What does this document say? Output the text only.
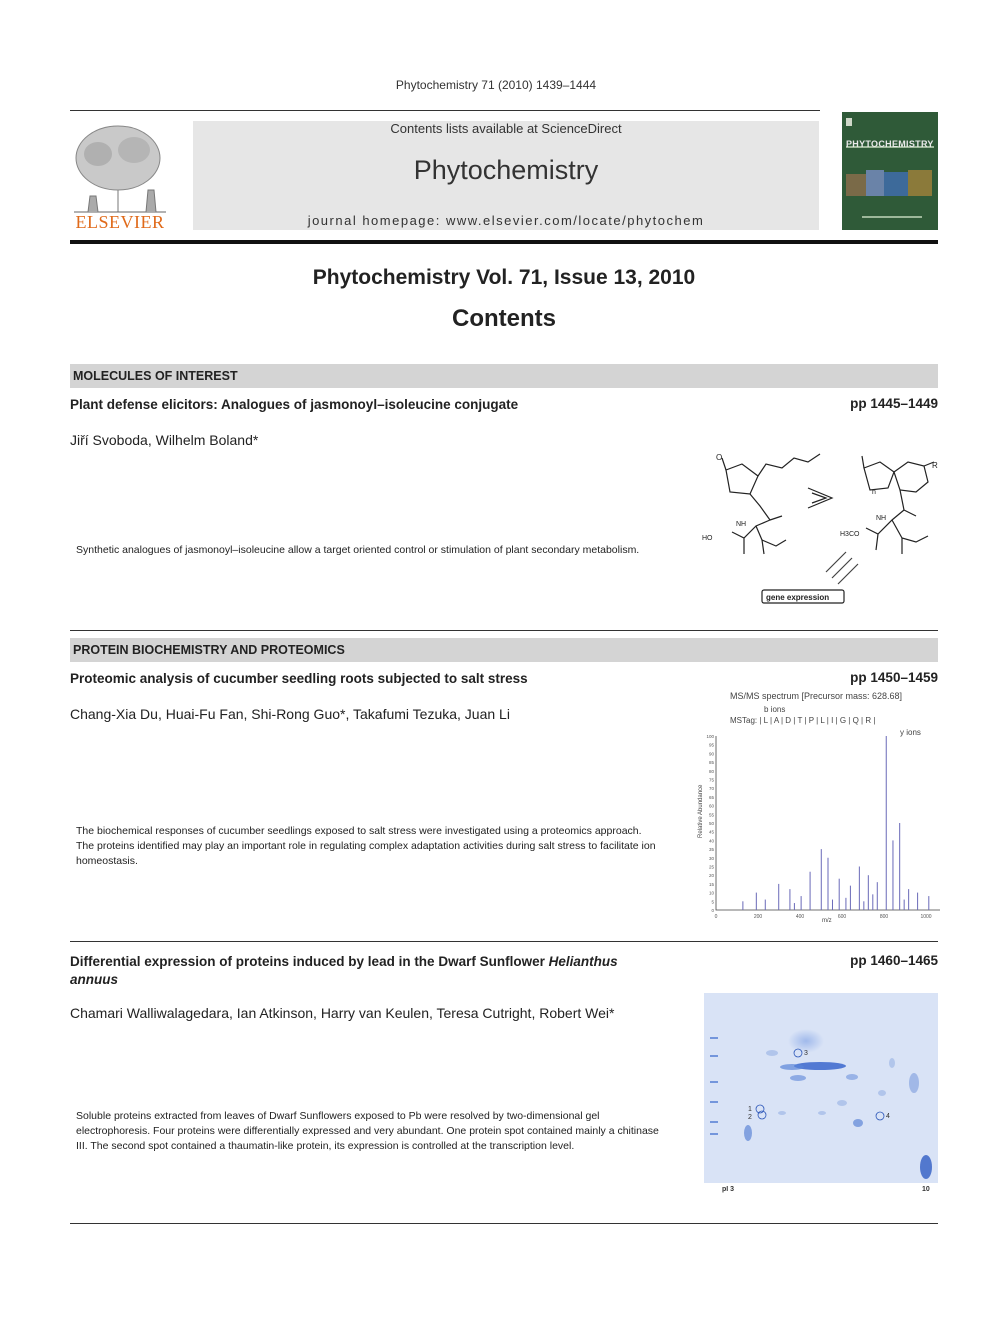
Phytochemistry 71 (2010) 1439–1444
ELSEVIER
Contents lists available at ScienceDirect
Phytochemistry
journal homepage: www.elsevier.com/locate/phytochem
PHYTOCHEMISTRY
Phytochemistry Vol. 71, Issue 13, 2010
Contents
MOLECULES OF INTEREST
Plant defense elicitors: Analogues of jasmonoyl–isoleucine conjugate	pp 1445–1449
Jiří Svoboda, Wilhelm Boland*
Synthetic analogues of jasmonoyl–isoleucine allow a target oriented control or stimulation of plant secondary metabolism.
O
NH
HO
NH
H3CO
R
n
gene expression
PROTEIN BIOCHEMISTRY AND PROTEOMICS
Proteomic analysis of cucumber seedling roots subjected to salt stress	pp 1450–1459
Chang-Xia Du, Huai-Fu Fan, Shi-Rong Guo*, Takafumi Tezuka, Juan Li
The biochemical responses of cucumber seedlings exposed to salt stress were investigated using a proteomics approach. The proteins identified may play an important role in regulating complex adaptation activities during salt stress to facilitate ion homeostasis.
MS/MS spectrum [Precursor mass: 628.68]
b ions
MSTag: | L | A | D | T | P | L | I | G | Q | R |
y ions
Relative Abundance
m/z
0
5
10
15
20
25
30
35
40
45
50
55
60
65
70
75
80
85
90
95
100
0	200	400	600	800	1000
Differential expression of proteins induced by lead in the Dwarf Sunflower Helianthus annuus
pp 1460–1465
Chamari Walliwalagedara, Ian Atkinson, Harry van Keulen, Teresa Cutright, Robert Wei*
Soluble proteins extracted from leaves of Dwarf Sunflowers exposed to Pb were resolved by two-dimensional gel electrophoresis. Four proteins were differentially expressed and very abundant. One protein spot contained mainly a chitinase III. The second spot contained a thaumatin-like protein, its expression is controlled at the transcription level.
3
1
2	4
pI 3	10
